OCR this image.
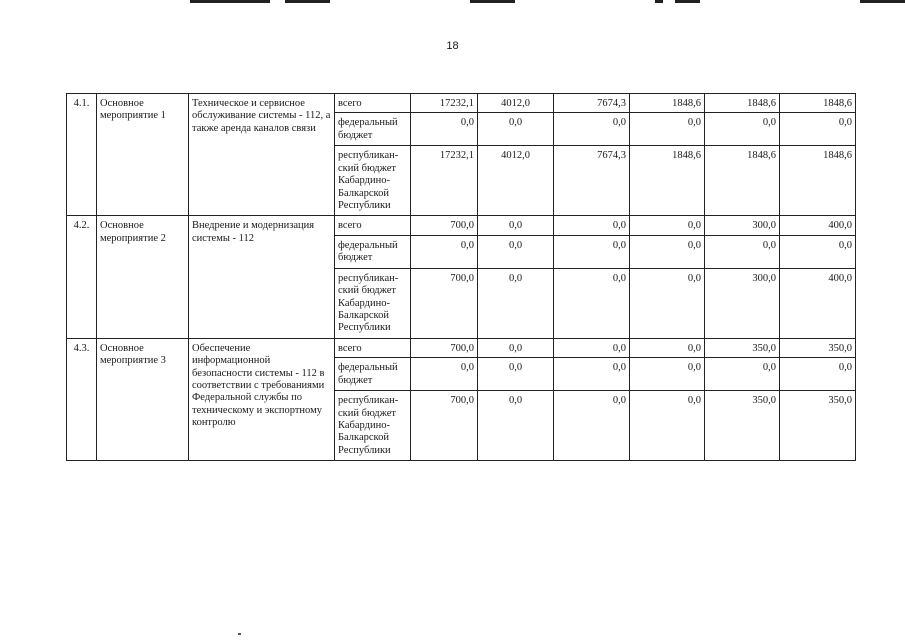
18
4.1.	Основное мероприятие 1	Техническое и сервисное обслуживание системы - 112, а также аренда каналов связи	всего	17232,1	4012,0	7674,3	1848,6	1848,6	1848,6
			федеральный бюджет	0,0	0,0	0,0	0,0	0,0	0,0
			республикан-ский бюджет Кабардино-Балкарской Республики	17232,1	4012,0	7674,3	1848,6	1848,6	1848,6
4.2.	Основное мероприятие 2	Внедрение и модернизация системы - 112	всего	700,0	0,0	0,0	0,0	300,0	400,0
			федеральный бюджет	0,0	0,0	0,0	0,0	0,0	0,0
			республикан-ский бюджет Кабардино-Балкарской Республики	700,0	0,0	0,0	0,0	300,0	400,0
4.3.	Основное мероприятие 3	Обеспечение информационной безопасности системы - 112 в соответствии с требованиями Федеральной службы по техническому и экспортному контролю	всего	700,0	0,0	0,0	0,0	350,0	350,0
			федеральный бюджет	0,0	0,0	0,0	0,0	0,0	0,0
			республикан-ский бюджет Кабардино-Балкарской Республики	700,0	0,0	0,0	0,0	350,0	350,0
